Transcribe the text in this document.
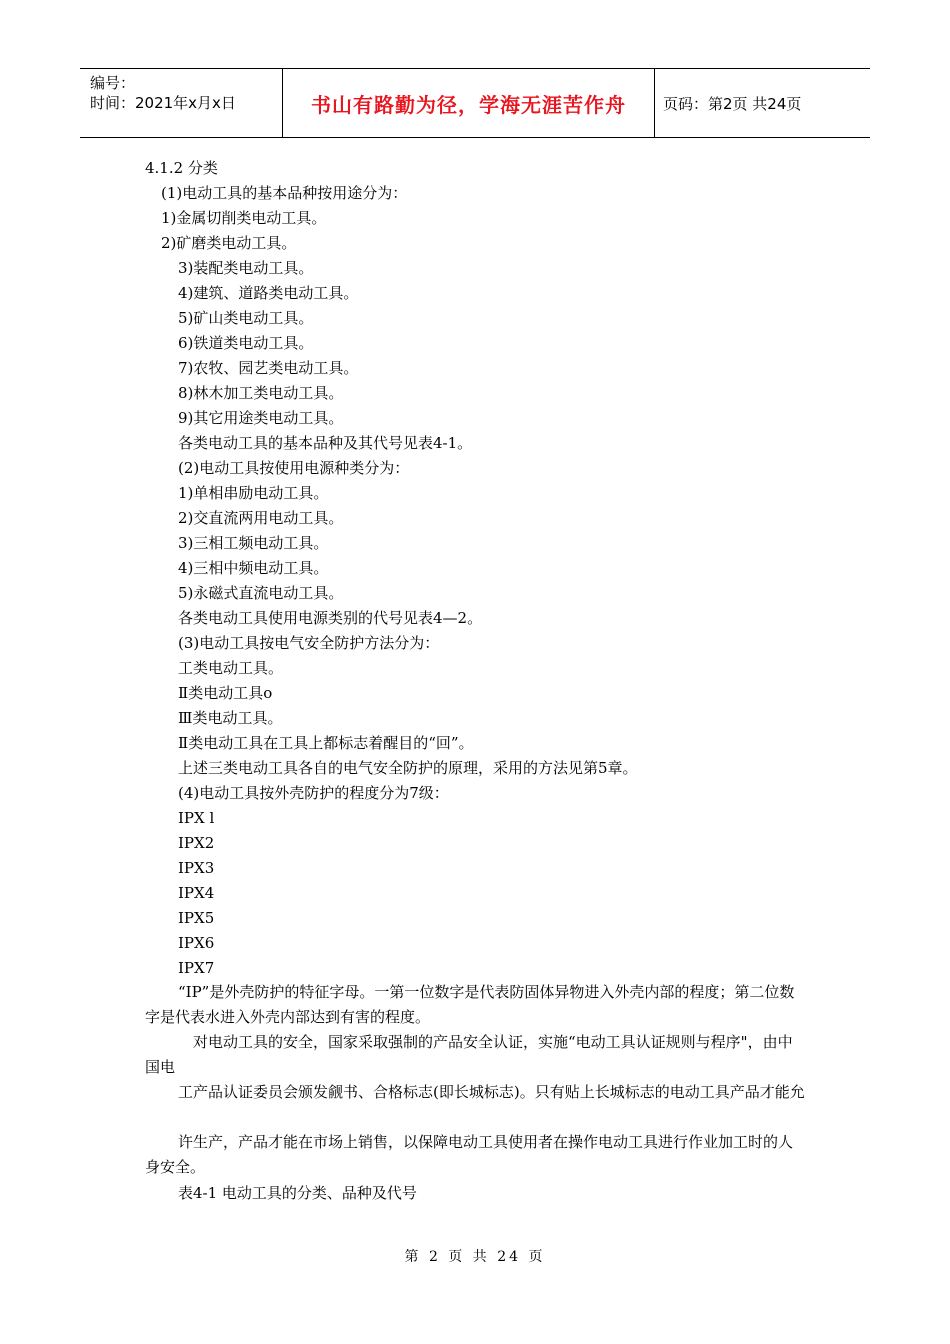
编号：
时间：2021年x月x日	书山有路勤为径，学海无涯苦作舟	页码：第2页 共24页
4.1.2 分类
(1)电动工具的基本品种按用途分为：
1)金属切削类电动工具。
2)矿磨类电动工具。
3)装配类电动工具。
4)建筑、道路类电动工具。
5)矿山类电动工具。
6)铁道类电动工具。
7)农牧、园艺类电动工具。
8)林木加工类电动工具。
9)其它用途类电动工具。
各类电动工具的基本品种及其代号见表4-1。
(2)电动工具按使用电源种类分为：
1)单相串励电动工具。
2)交直流两用电动工具。
3)三相工频电动工具。
4)三相中频电动工具。
5)永磁式直流电动工具。
各类电动工具使用电源类别的代号见表4—2。
(3)电动工具按电气安全防护方法分为：
工类电动工具。
Ⅱ类电动工具o
Ⅲ类电动工具。
Ⅱ类电动工具在工具上都标志着醒目的“回”。
上述三类电动工具各自的电气安全防护的原理，采用的方法见第5章。
(4)电动工具按外壳防护的程度分为7级：
IPX l
IPX2
IPX3
IPX4
IPX5
IPX6
IPX7
“IP”是外壳防护的特征字母。一第一位数字是代表防固体异物进入外壳内部的程度；第二位数字是代表水进入外壳内部达到有害的程度。
对电动工具的安全，国家采取强制的产品安全认证，实施“电动工具认证规则与程序"，由中国电
工产品认证委员会颁发觎书、合格标志(即长城标志)。只有贴上长城标志的电动工具产品才能允
许生产，产品才能在市场上销售，以保障电动工具使用者在操作电动工具进行作业加工时的人身安全。
表4-1 电动工具的分类、品种及代号
第 2 页 共 24 页
